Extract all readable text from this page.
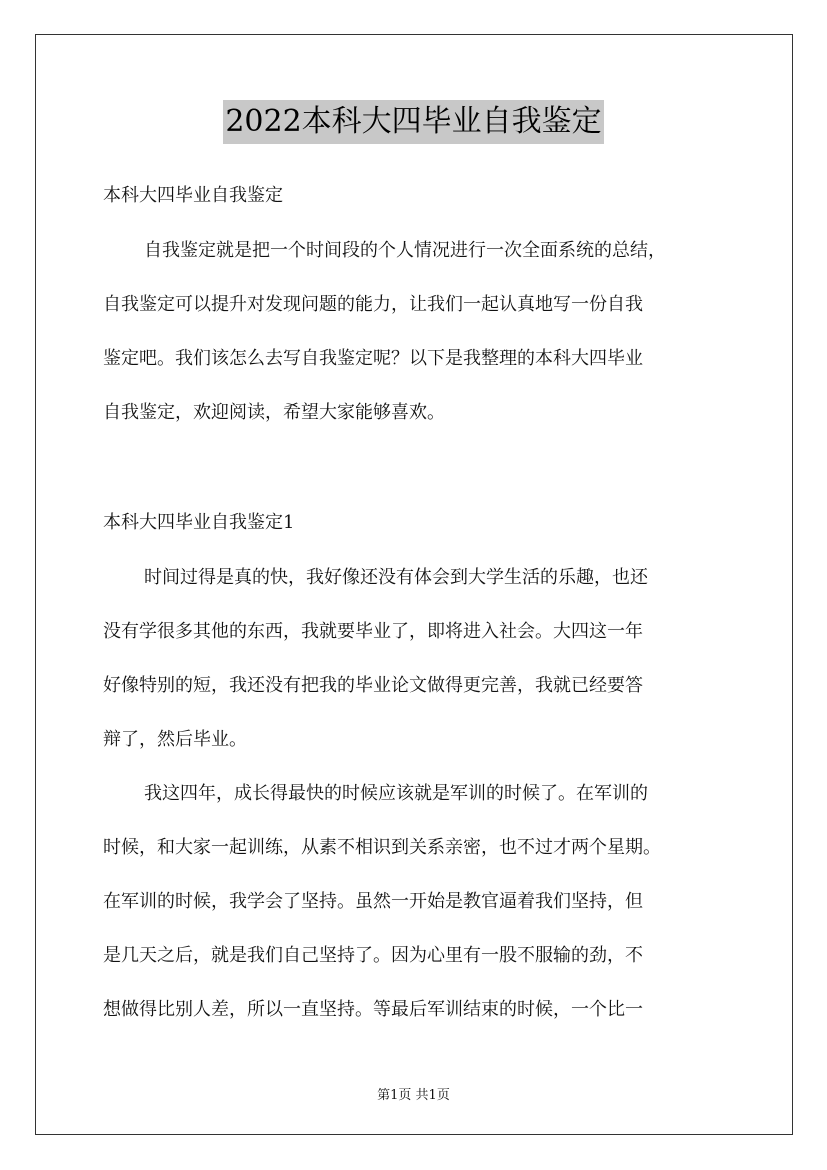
2022本科大四毕业自我鉴定
本科大四毕业自我鉴定
自我鉴定就是把一个时间段的个人情况进行一次全面系统的总结，
自我鉴定可以提升对发现问题的能力，让我们一起认真地写一份自我
鉴定吧。我们该怎么去写自我鉴定呢？以下是我整理的本科大四毕业
自我鉴定，欢迎阅读，希望大家能够喜欢。
本科大四毕业自我鉴定1
时间过得是真的快，我好像还没有体会到大学生活的乐趣，也还
没有学很多其他的东西，我就要毕业了，即将进入社会。大四这一年
好像特别的短，我还没有把我的毕业论文做得更完善，我就已经要答
辩了，然后毕业。
我这四年，成长得最快的时候应该就是军训的时候了。在军训的
时候，和大家一起训练，从素不相识到关系亲密，也不过才两个星期。
在军训的时候，我学会了坚持。虽然一开始是教官逼着我们坚持，但
是几天之后，就是我们自己坚持了。因为心里有一股不服输的劲，不
想做得比别人差，所以一直坚持。等最后军训结束的时候，一个比一
第1页 共1页
